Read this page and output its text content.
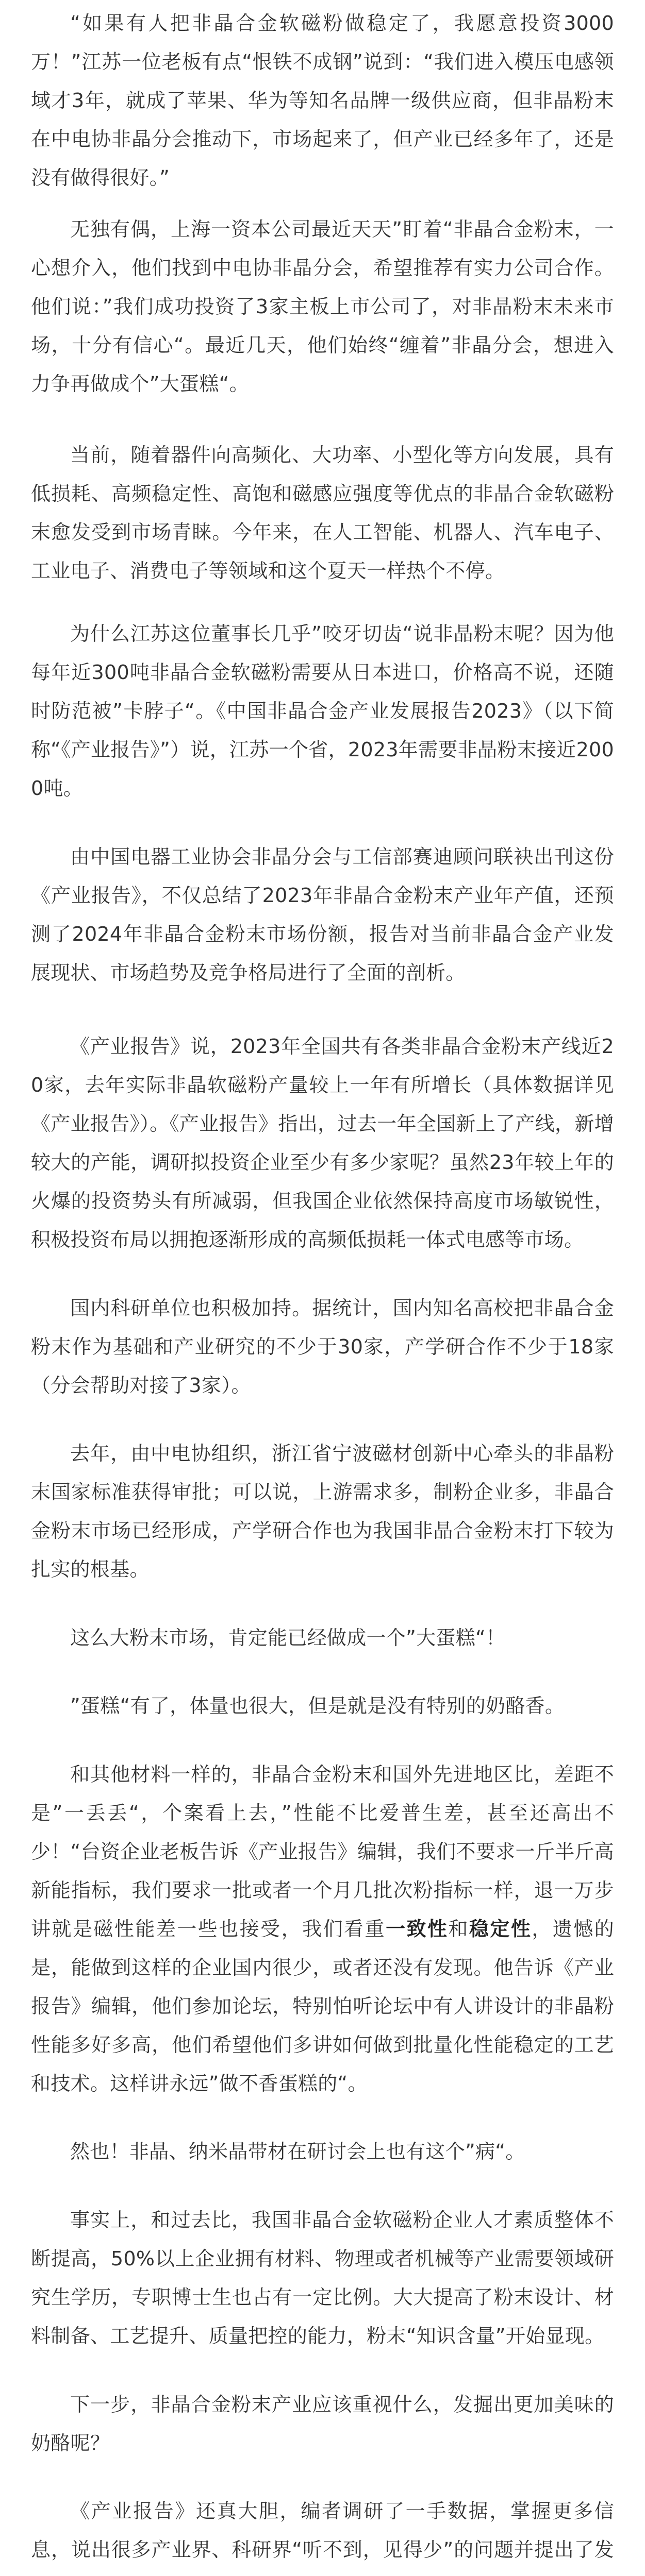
“如果有人把非晶合金软磁粉做稳定了，我愿意投资3000万！”江苏一位老板有点“恨铁不成钢”说到：“我们进入模压电感领域才3年，就成了苹果、华为等知名品牌一级供应商，但非晶粉末在中电协非晶分会推动下，市场起来了，但产业已经多年了，还是没有做得很好。”

无独有偶，上海一资本公司最近天天”盯着“非晶合金粉末，一心想介入，他们找到中电协非晶分会，希望推荐有实力公司合作。他们说：”我们成功投资了3家主板上市公司了，对非晶粉末未来市场，十分有信心“。最近几天，他们始终“缠着”非晶分会，想进入力争再做成个”大蛋糕“。

当前，随着器件向高频化、大功率、小型化等方向发展，具有低损耗、高频稳定性、高饱和磁感应强度等优点的非晶合金软磁粉末愈发受到市场青睐。今年来，在人工智能、机器人、汽车电子、工业电子、消费电子等领域和这个夏天一样热个不停。

为什么江苏这位董事长几乎”咬牙切齿“说非晶粉末呢？因为他每年近300吨非晶合金软磁粉需要从日本进口，价格高不说，还随时防范被”卡脖子“。《中国非晶合金产业发展报告2023》（以下简称“《产业报告》”）说，江苏一个省，2023年需要非晶粉末接近2000吨。

由中国电器工业协会非晶分会与工信部赛迪顾问联袂出刊这份《产业报告》，不仅总结了2023年非晶合金粉末产业年产值，还预测了2024年非晶合金粉末市场份额，报告对当前非晶合金产业发展现状、市场趋势及竞争格局进行了全面的剖析。

《产业报告》说，2023年全国共有各类非晶合金粉末产线近20家，去年实际非晶软磁粉产量较上一年有所增长（具体数据详见《产业报告》）。《产业报告》指出，过去一年全国新上了产线，新增较大的产能，调研拟投资企业至少有多少家呢？虽然23年较上年的火爆的投资势头有所减弱，但我国企业依然保持高度市场敏锐性，积极投资布局以拥抱逐渐形成的高频低损耗一体式电感等市场。

国内科研单位也积极加持。据统计，国内知名高校把非晶合金粉末作为基础和产业研究的不少于30家，产学研合作不少于18家（分会帮助对接了3家）。

去年，由中电协组织，浙江省宁波磁材创新中心牵头的非晶粉末国家标准获得审批；可以说，上游需求多，制粉企业多，非晶合金粉末市场已经形成，产学研合作也为我国非晶合金粉末打下较为扎实的根基。

这么大粉末市场，肯定能已经做成一个”大蛋糕“！

”蛋糕“有了，体量也很大，但是就是没有特别的奶酪香。

和其他材料一样的，非晶合金粉末和国外先进地区比，差距不是”一丢丢“，个案看上去，”性能不比爱普生差，甚至还高出不少！“台资企业老板告诉《产业报告》编辑，我们不要求一斤半斤高新能指标，我们要求一批或者一个月几批次粉指标一样，退一万步讲就是磁性能差一些也接受，我们看重一致性和稳定性，遗憾的是，能做到这样的企业国内很少，或者还没有发现。他告诉《产业报告》编辑，他们参加论坛，特别怕听论坛中有人讲设计的非晶粉性能多好多高，他们希望他们多讲如何做到批量化性能稳定的工艺和技术。这样讲永远”做不香蛋糕的“。

然也！非晶、纳米晶带材在研讨会上也有这个”病“。

事实上，和过去比，我国非晶合金软磁粉企业人才素质整体不断提高，50%以上企业拥有材料、物理或者机械等产业需要领域研究生学历，专职博士生也占有一定比例。大大提高了粉末设计、材料制备、工艺提升、质量把控的能力，粉末“知识含量”开始显现。

下一步，非晶合金粉末产业应该重视什么，发掘出更加美味的奶酪呢？

《产业报告》还真大胆，编者调研了一手数据，掌握更多信息，说出很多产业界、科研界“听不到，见得少”的问题并提出了发
